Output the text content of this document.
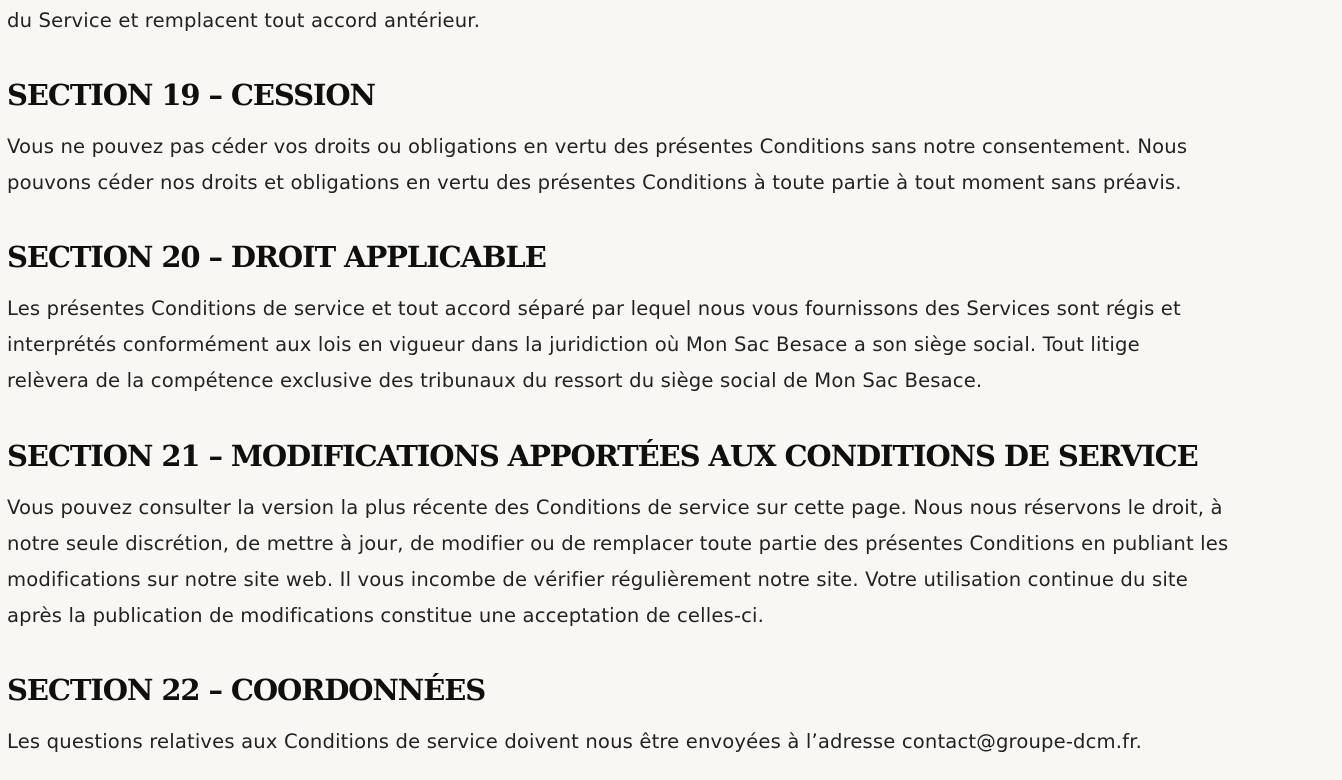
du Service et remplacent tout accord antérieur.

SECTION 19 – CESSION

Vous ne pouvez pas céder vos droits ou obligations en vertu des présentes Conditions sans notre consentement. Nous
pouvons céder nos droits et obligations en vertu des présentes Conditions à toute partie à tout moment sans préavis.

SECTION 20 – DROIT APPLICABLE

Les présentes Conditions de service et tout accord séparé par lequel nous vous fournissons des Services sont régis et
interprétés conformément aux lois en vigueur dans la juridiction où Mon Sac Besace a son siège social. Tout litige
relèvera de la compétence exclusive des tribunaux du ressort du siège social de Mon Sac Besace.

SECTION 21 – MODIFICATIONS APPORTÉES AUX CONDITIONS DE SERVICE

Vous pouvez consulter la version la plus récente des Conditions de service sur cette page. Nous nous réservons le droit, à
notre seule discrétion, de mettre à jour, de modifier ou de remplacer toute partie des présentes Conditions en publiant les
modifications sur notre site web. Il vous incombe de vérifier régulièrement notre site. Votre utilisation continue du site
après la publication de modifications constitue une acceptation de celles-ci.

SECTION 22 – COORDONNÉES

Les questions relatives aux Conditions de service doivent nous être envoyées à l’adresse contact@groupe-dcm.fr.
